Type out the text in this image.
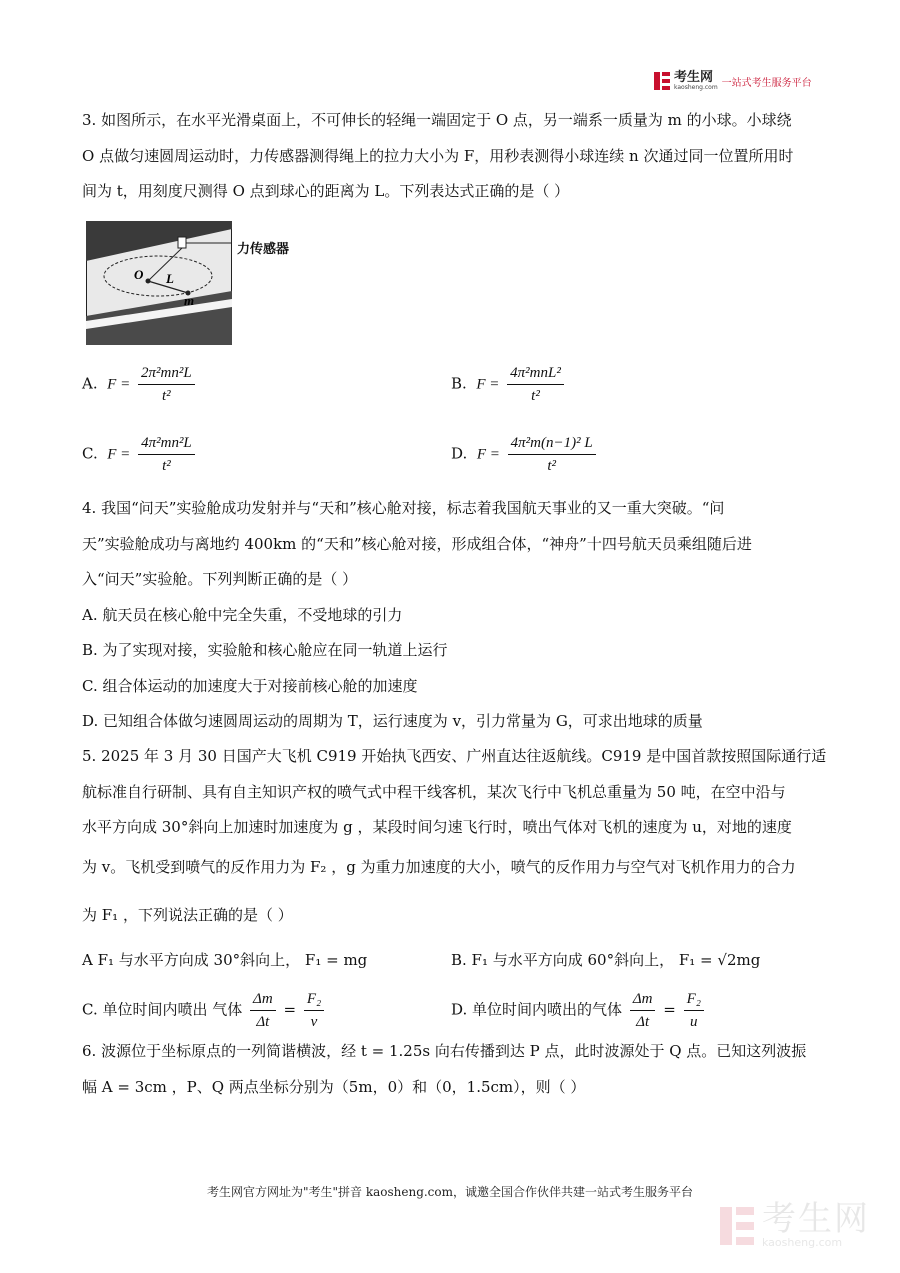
考生网
kaosheng.com 一站式考生服务平台
3. 如图所示，在水平光滑桌面上，不可伸长的轻绳一端固定于 O 点，另一端系一质量为 m 的小球。小球绕
O 点做匀速圆周运动时，力传感器测得绳上的拉力大小为 F，用秒表测得小球连续 n 次通过同一位置所用时
间为 t，用刻度尺测得 O 点到球心的距离为 L。下列表达式正确的是（ ）
O L
m
力传感器
A. $F = \frac{\text{2π²mn²L}}{\text{t²}}$	B. $F = \frac{\text{4π²mnL²}}{\text{t²}}$
C. $F = \frac{\text{4π²mn²L}}{\text{t²}}$	D. $F = \frac{\text{4π²m(n−1)² L}}{\text{t²}}$
4. 我国“问天”实验舱成功发射并与“天和”核心舱对接，标志着我国航天事业的又一重大突破。“问
天”实验舱成功与离地约 400km 的“天和”核心舱对接，形成组合体，“神舟”十四号航天员乘组随后进
入“问天”实验舱。下列判断正确的是（ ）
A. 航天员在核心舱中完全失重，不受地球的引力
B. 为了实现对接，实验舱和核心舱应在同一轨道上运行
C. 组合体运动的加速度大于对接前核心舱的加速度
D. 已知组合体做匀速圆周运动的周期为 T，运行速度为 v，引力常量为 G，可求出地球的质量
5. 2025 年 3 月 30 日国产大飞机 C919 开始执飞西安、广州直达往返航线。C919 是中国首款按照国际通行适
航标准自行研制、具有自主知识产权的喷气式中程干线客机，某次飞行中飞机总重量为 50 吨，在空中沿与
水平方向成 30°斜向上加速时加速度为 g ，某段时间匀速飞行时，喷出气体对飞机的速度为 u，对地的速度
为 v。飞机受到喷气的反作用力为 F₂ ，g 为重力加速度的大小，喷气的反作用力与空气对飞机作用力的合力
为 F₁ ，下列说法正确的是（ ）
A F₁ 与水平方向成 30°斜向上， F₁ = mg	B. F₁ 与水平方向成 60°斜向上， F₁ = √2mg
C. 单位时间内喷出 气体 $\frac{\Delta m}{\Delta t} = \frac{\text{F₂}}{v}$	D. 单位时间内喷出的气体 $\frac{\Delta m}{\Delta t} = \frac{\text{F₂}}{u}$
6. 波源位于坐标原点的一列简谐横波，经 t = 1.25s 向右传播到达 P 点，此时波源处于 Q 点。已知这列波振
幅 A = 3cm ，P、Q 两点坐标分别为（5m，0）和（0，1.5cm），则（ ）
考生网官方网址为"考生"拼音 kaosheng.com，诚邀全国合作伙伴共建一站式考生服务平台
考生网
kaosheng.com
